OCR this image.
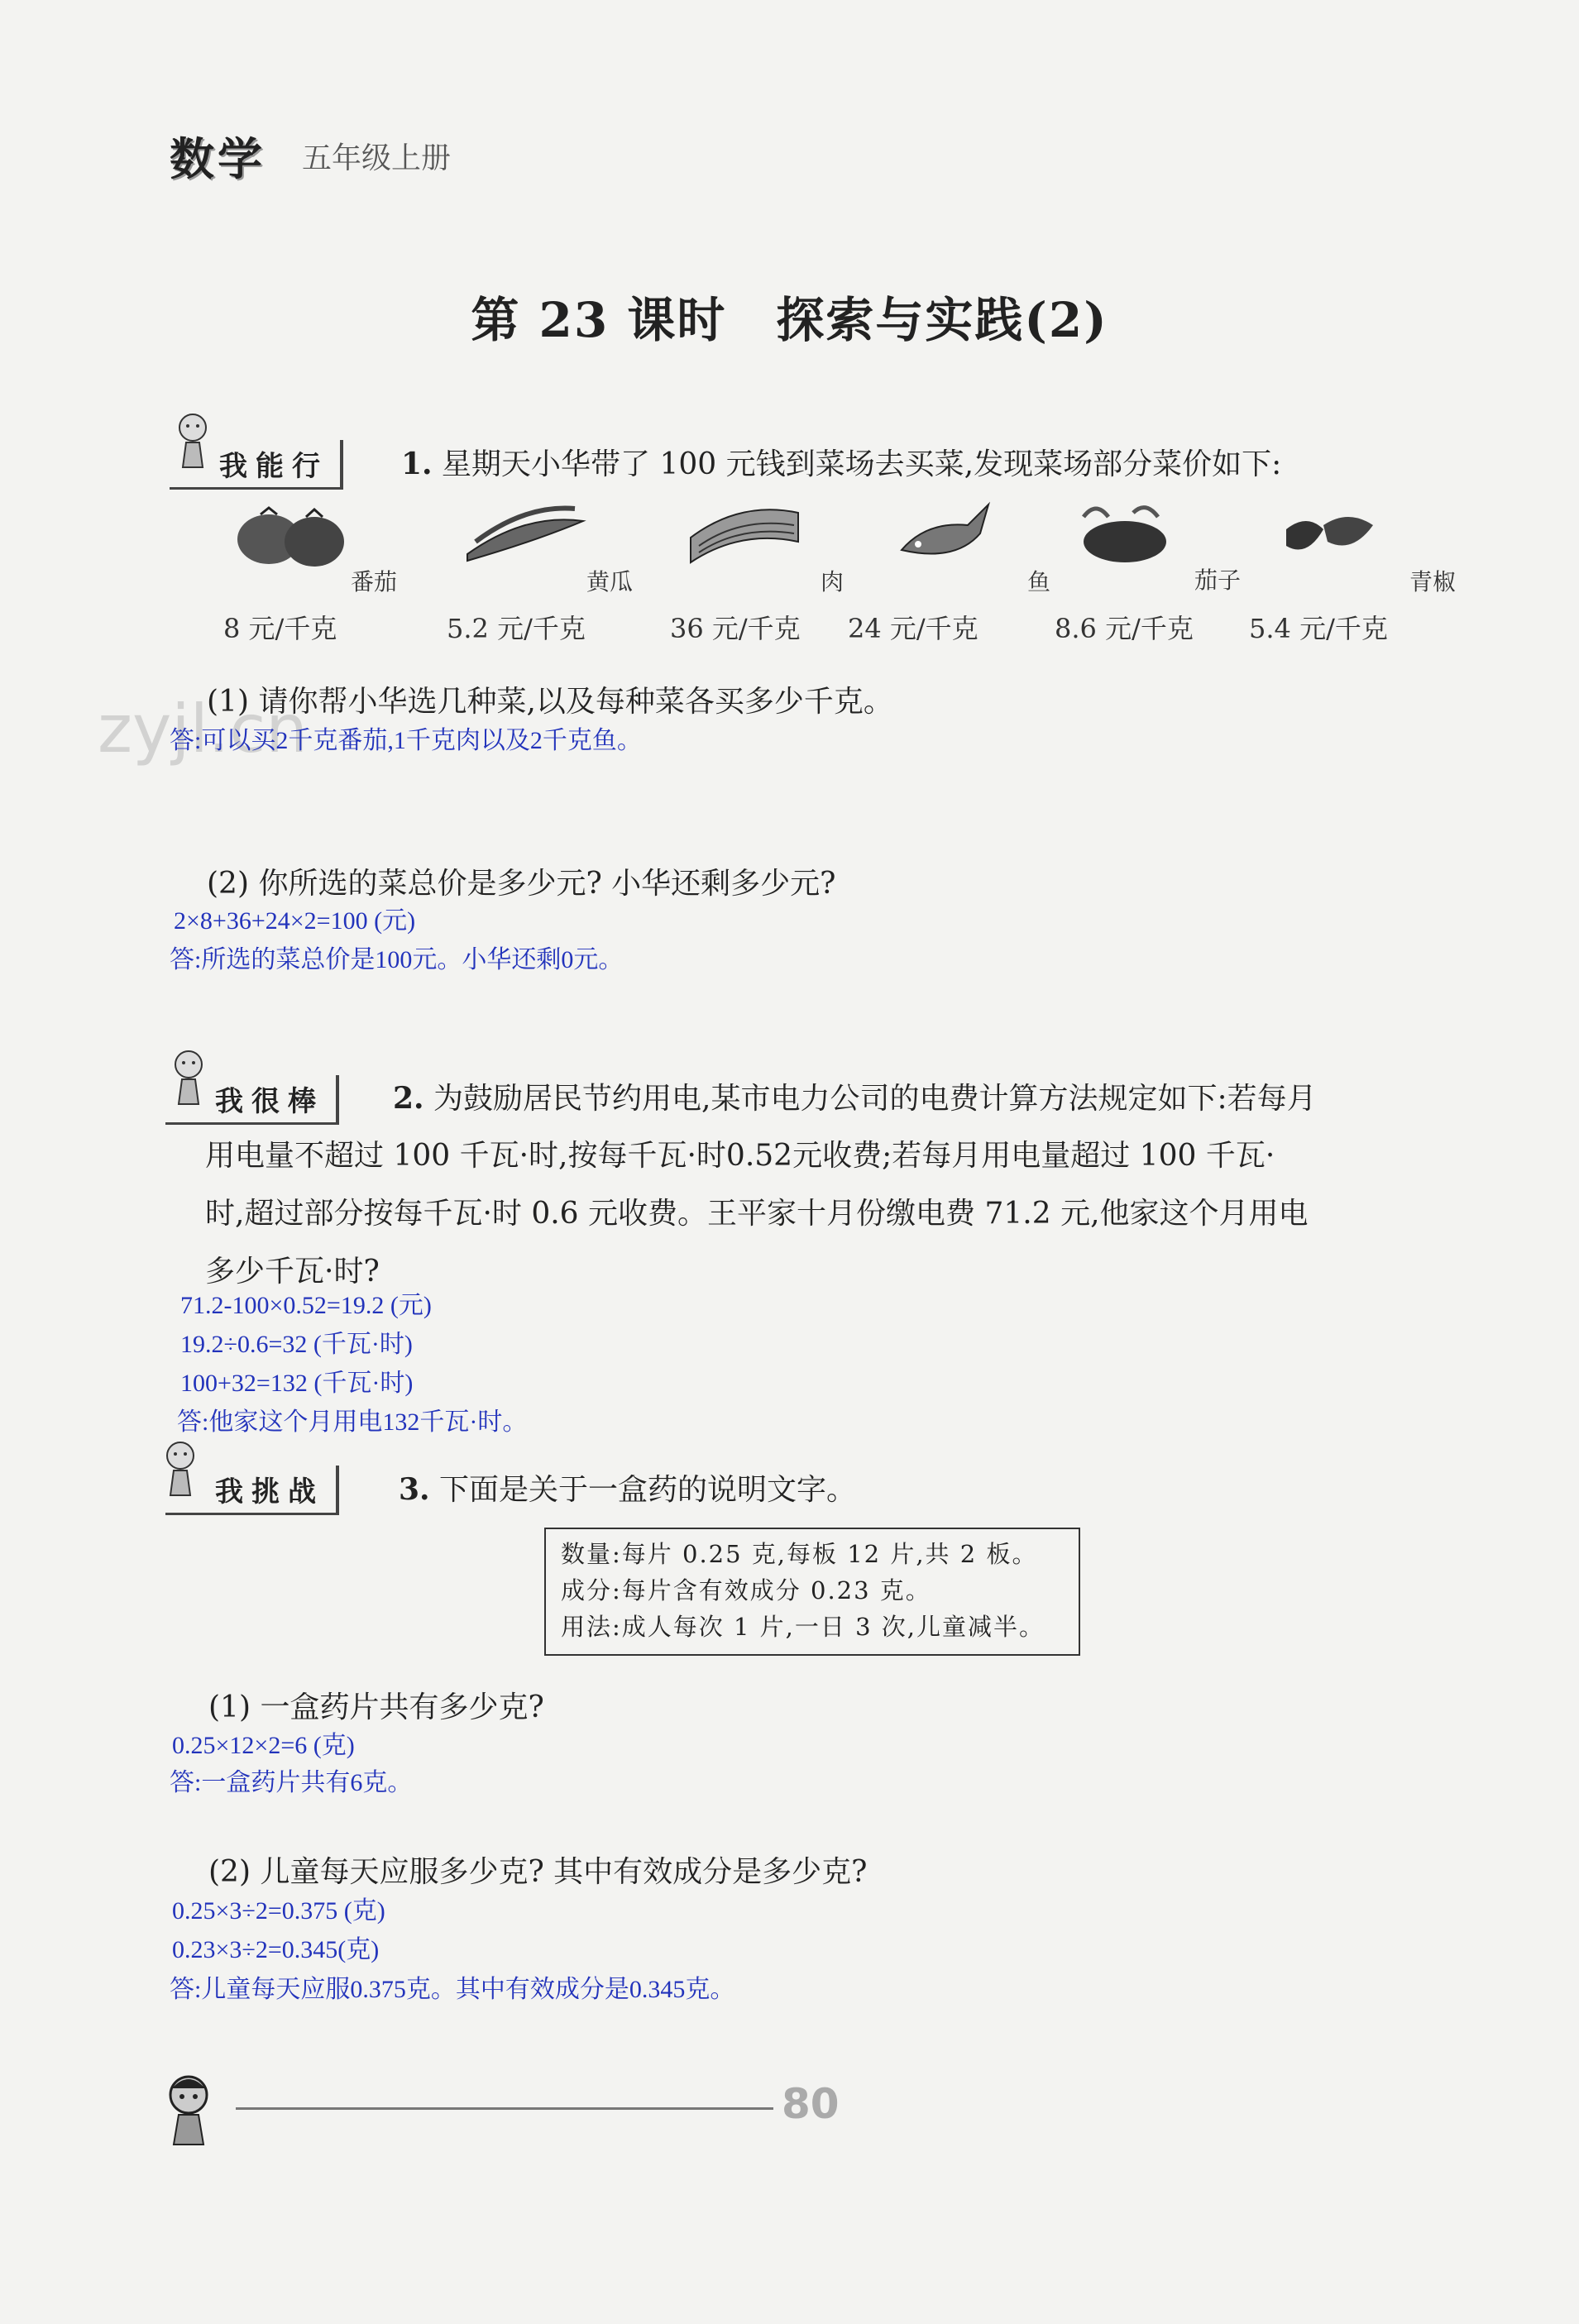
数学 五年级上册
第 23 课时　探索与实践(2)
zyjl.cn
我能行	1. 星期天小华带了 100 元钱到菜场去买菜,发现菜场部分菜价如下:
番茄
8 元/千克
黄瓜
5.2 元/千克
肉
36 元/千克
鱼
24 元/千克
茄子
8.6 元/千克
青椒
5.4 元/千克
(1) 请你帮小华选几种菜,以及每种菜各买多少千克。
答:可以买2千克番茄,1千克肉以及2千克鱼。
(2) 你所选的菜总价是多少元? 小华还剩多少元?
2×8+36+24×2=100 (元)
答:所选的菜总价是100元。小华还剩0元。
我很棒	2. 为鼓励居民节约用电,某市电力公司的电费计算方法规定如下:若每月
用电量不超过 100 千瓦·时,按每千瓦·时0.52元收费;若每月用电量超过 100 千瓦·
时,超过部分按每千瓦·时 0.6 元收费。王平家十月份缴电费 71.2 元,他家这个月用电
多少千瓦·时?
71.2-100×0.52=19.2 (元)
19.2÷0.6=32 (千瓦·时)
100+32=132 (千瓦·时)
答:他家这个月用电132千瓦·时。
我挑战	3. 下面是关于一盒药的说明文字。
数量:每片 0.25 克,每板 12 片,共 2 板。
成分:每片含有效成分 0.23 克。
用法:成人每次 1 片,一日 3 次,儿童减半。
(1) 一盒药片共有多少克?
0.25×12×2=6 (克)
答:一盒药片共有6克。
(2) 儿童每天应服多少克? 其中有效成分是多少克?
0.25×3÷2=0.375 (克)
0.23×3÷2=0.345(克)
答:儿童每天应服0.375克。其中有效成分是0.345克。
80
